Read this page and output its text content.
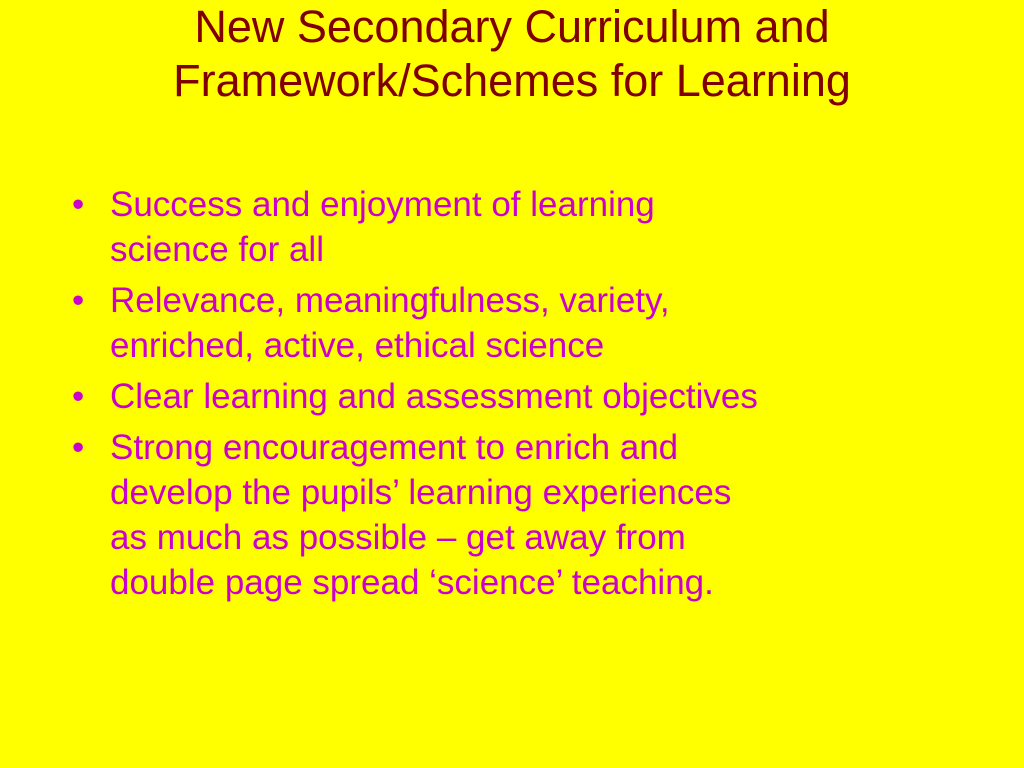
New Secondary Curriculum and
Framework/Schemes for Learning
• Success and enjoyment of learning
science for all
• Relevance, meaningfulness, variety,
enriched, active, ethical science
• Clear learning and assessment objectives
• Strong encouragement to enrich and
develop the pupils’ learning experiences
as much as possible – get away from
double page spread ‘science’ teaching.
